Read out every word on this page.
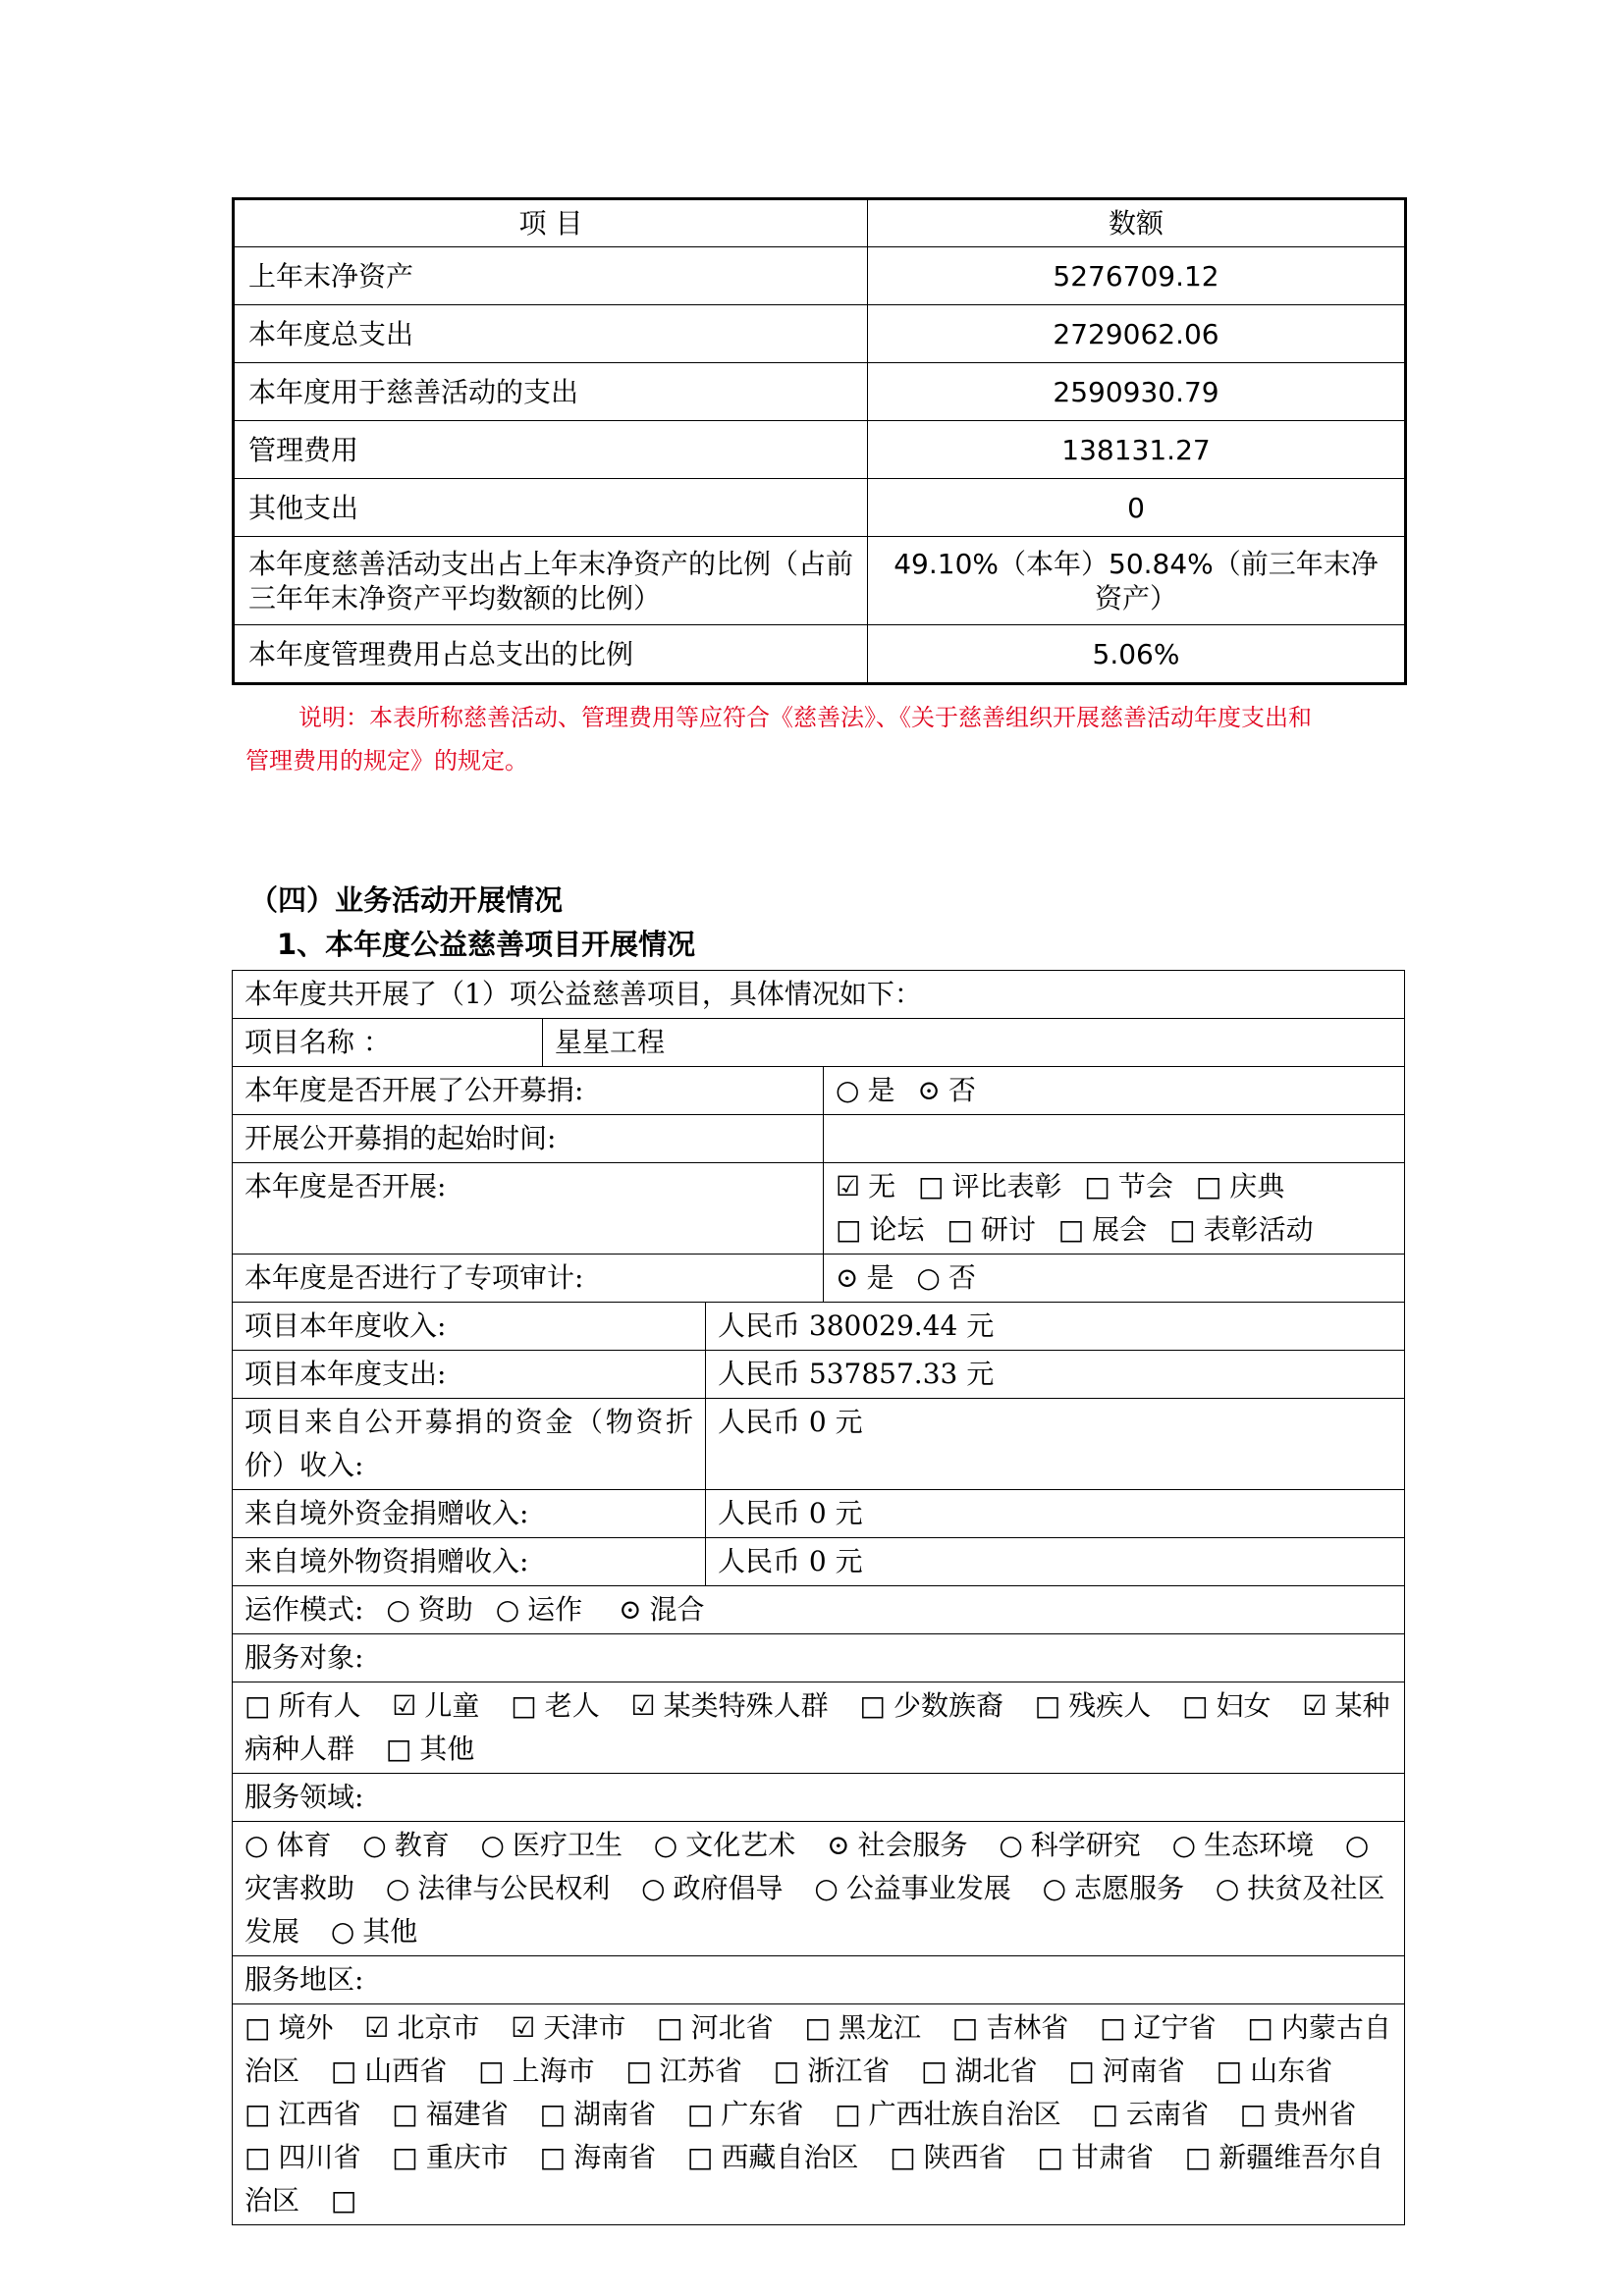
项 目	数额
上年末净资产	5276709.12
本年度总支出	2729062.06
本年度用于慈善活动的支出	2590930.79
管理费用	138131.27
其他支出	0
本年度慈善活动支出占上年末净资产的比例（占前三年年末净资产平均数额的比例）	49.10%（本年）50.84%（前三年末净资产）
本年度管理费用占总支出的比例	5.06%

说明：本表所称慈善活动、管理费用等应符合《慈善法》、《关于慈善组织开展慈善活动年度支出和

管理费用的规定》的规定。

（四）业务活动开展情况
1、本年度公益慈善项目开展情况
本年度共开展了（1）项公益慈善项目，具体情况如下：			
项目名称 ：	星星工程		
本年度是否开展了公开募捐:			○ 是 ⊙ 否
开展公开募捐的起始时间:			
本年度是否开展:			☑ 无 □ 评比表彰 □ 节会 □ 庆典 □ 论坛 □ 研讨 □ 展会 □ 表彰活动
本年度是否进行了专项审计:			⊙ 是 ○ 否
项目本年度收入:		人民币 380029.44 元	
项目本年度支出:		人民币 537857.33 元	
项目来自公开募捐的资金（物资折价）收入:		人民币 0 元	
来自境外资金捐赠收入:		人民币 0 元	
来自境外物资捐赠收入:		人民币 0 元	
运作模式: ○ 资助 ○ 运作 ⊙ 混合			
服务对象:			
□ 所有人 ☑ 儿童 □ 老人 ☑ 某类特殊人群 □ 少数族裔 □ 残疾人 □ 妇女 ☑ 某种病种人群 □ 其他			
服务领域:			
○ 体育 ○ 教育 ○ 医疗卫生 ○ 文化艺术 ⊙ 社会服务 ○ 科学研究 ○ 生态环境 ○灾害救助 ○ 法律与公民权利 ○ 政府倡导 ○ 公益事业发展 ○ 志愿服务 ○ 扶贫及社区发展 ○ 其他			
服务地区:			
□ 境外 ☑ 北京市 ☑ 天津市 □ 河北省 □ 黑龙江 □ 吉林省 □ 辽宁省 □ 内蒙古自治区 □ 山西省 □ 上海市 □ 江苏省 □ 浙江省 □ 湖北省 □ 河南省 □ 山东省  □ 江西省 □ 福建省 □ 湖南省 □ 广东省 □ 广西壮族自治区 □ 云南省 □ 贵州省  □ 四川省 □ 重庆市 □ 海南省 □ 西藏自治区 □ 陕西省 □ 甘肃省 □ 新疆维吾尔自治区 □			
